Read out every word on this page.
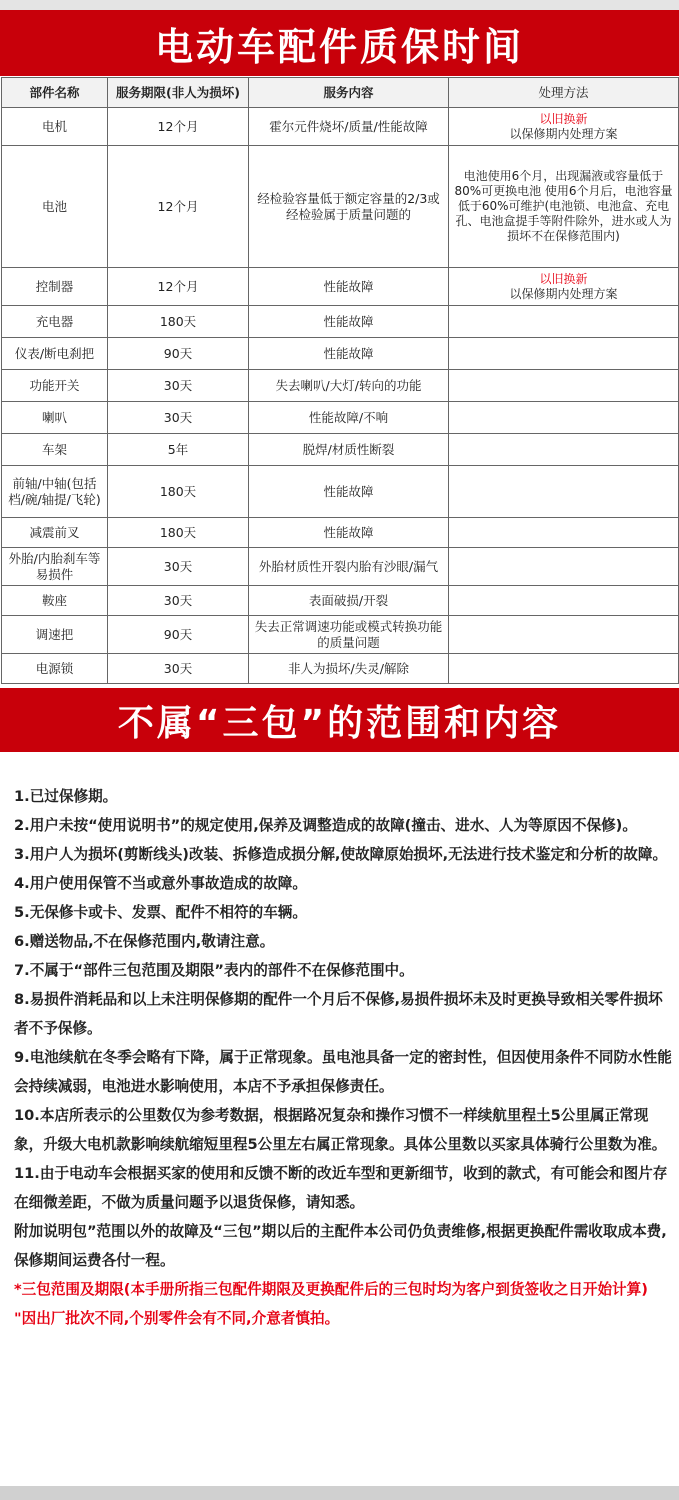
电动车配件质保时间
部件名称	服务期限(非人为损坏)	服务内容	处理方法
电机	12个月	霍尔元件烧坏/质量/性能故障	以旧换新
以保修期内处理方案

电池	12个月	经检验容量低于额定容量的2/3或经检验属于质量问题的	电池使用6个月，出现漏液或容量低于80%可更换电池 使用6个月后，电池容量低于60%可维护(电池锁、电池盒、充电孔、电池盒提手等附件除外，进水或人为损坏不在保修范围内)

控制器	12个月	性能故障	以旧换新
以保修期内处理方案

充电器	180天	性能故障	
仪表/断电刹把	90天	性能故障	
功能开关	30天	失去喇叭/大灯/转向的功能	
喇叭	30天	性能故障/不响	
车架	5年	脱焊/材质性断裂	
前轴/中轴(包括档/碗/轴提/飞轮)	180天	性能故障	
减震前叉	180天	性能故障	
外胎/内胎刹车等易损件	30天	外胎材质性开裂内胎有沙眼/漏气	
鞍座	30天	表面破损/开裂	
调速把	90天	失去正常调速功能或模式转换功能的质量问题	
电源锁	30天	非人为损坏/失灵/解除	
不属“三包”的范围和内容

1.已过保修期。

2.用户未按“使用说明书”的规定使用,保养及调整造成的故障(撞击、进水、人为等原因不保修)。

3.用户人为损坏(剪断线头)改装、拆修造成损分解,使故障原始损坏,无法进行技术鉴定和分析的故障。

4.用户使用保管不当或意外事故造成的故障。

5.无保修卡或卡、发票、配件不相符的车辆。

6.赠送物品,不在保修范围内,敬请注意。

7.不属于“部件三包范围及期限”表内的部件不在保修范围中。

8.易损件消耗品和以上未注明保修期的配件一个月后不保修,易损件损坏未及时更换导致相关零件损坏者不予保修。

9.电池续航在冬季会略有下降，属于正常现象。虽电池具备一定的密封性，但因使用条件不同防水性能会持续减弱，电池进水影响使用，本店不予承担保修责任。

10.本店所表示的公里数仅为参考数据，根据路况复杂和操作习惯不一样续航里程土5公里属正常现象，升级大电机款影响续航缩短里程5公里左右属正常现象。具体公里数以买家具体骑行公里数为准。

11.由于电动车会根据买家的使用和反馈不断的改近车型和更新细节，收到的款式，有可能会和图片存在细微差距，不做为质量问题予以退货保修，请知悉。

附加说明包”范围以外的故障及“三包”期以后的主配件本公司仍负责维修,根据更换配件需收取成本费,保修期间运费各付一程。

*三包范围及期限(本手册所指三包配件期限及更换配件后的三包时均为客户到货签收之日开始计算)

"因出厂批次不同,个别零件会有不同,介意者慎拍。
